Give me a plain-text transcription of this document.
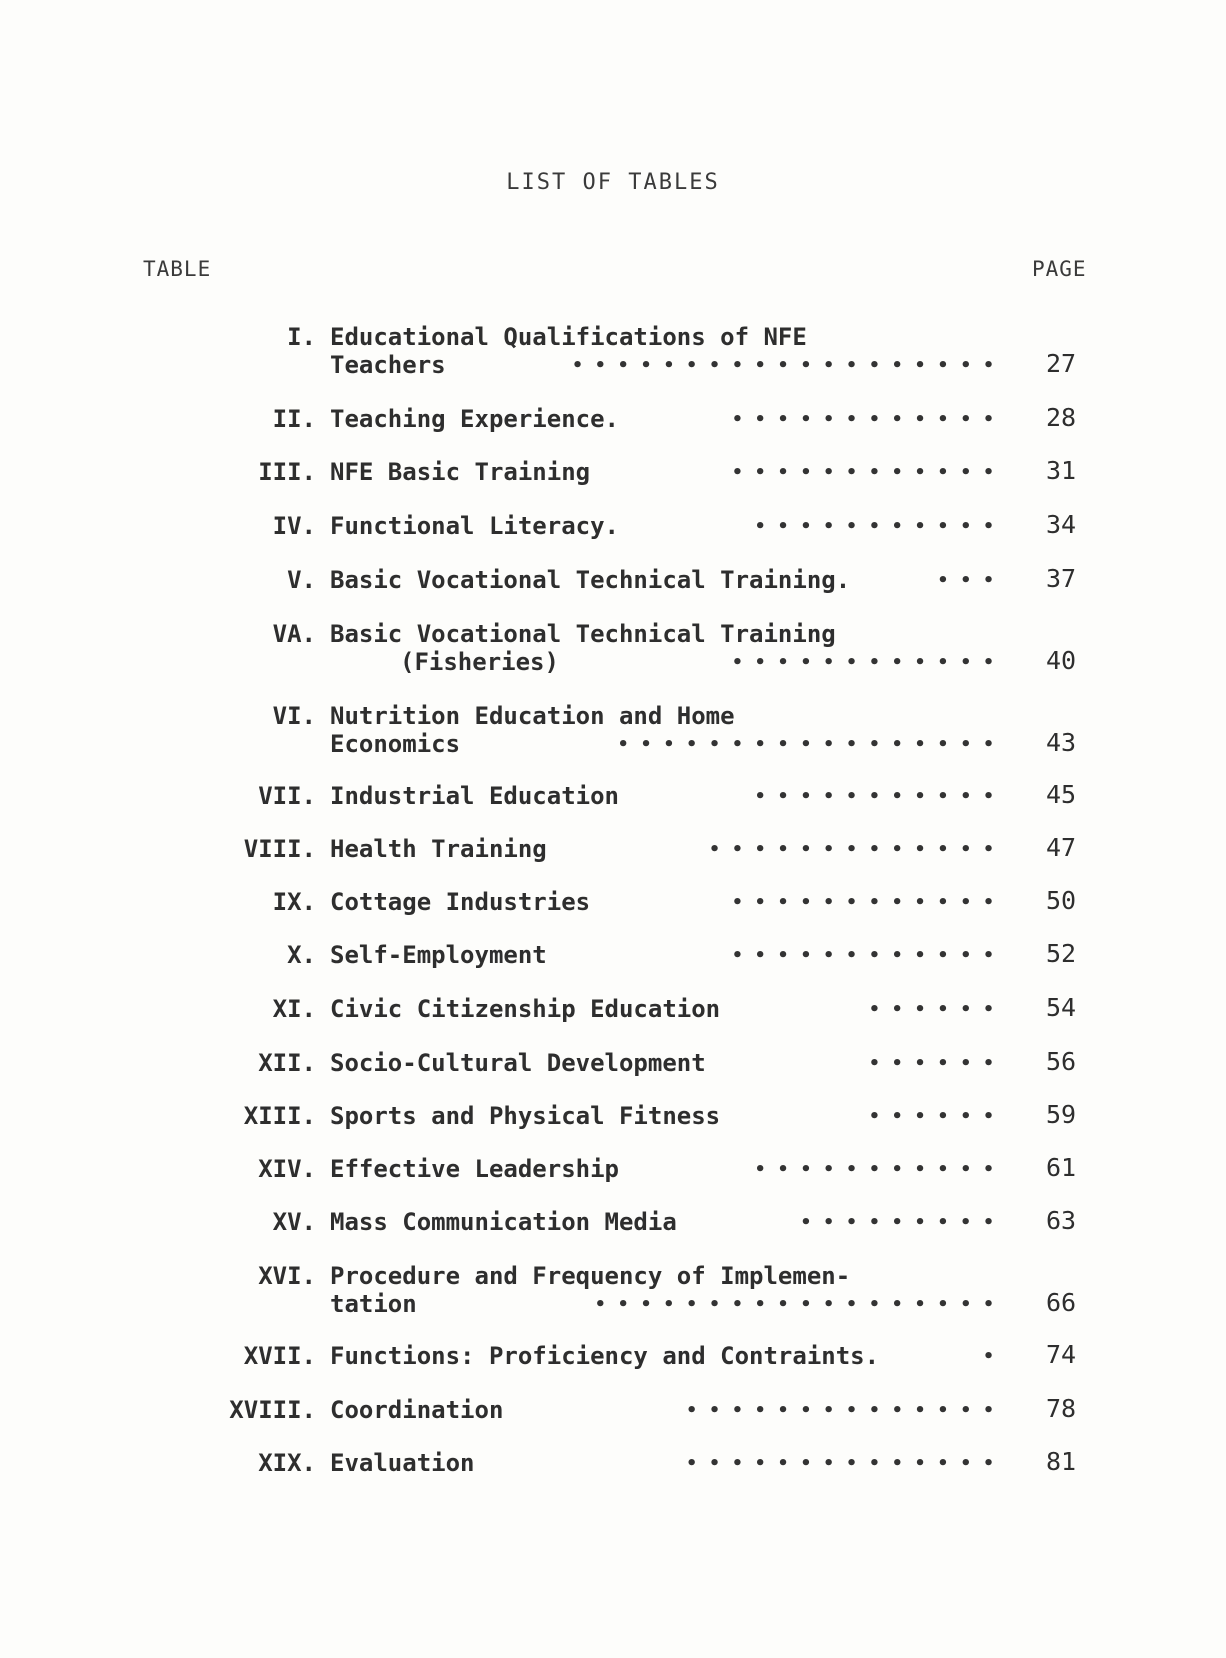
LIST OF TABLES
TABLE	PAGE
I. Educational Qualifications of NFE
Teachers	••••••••••••••••••• 27
II. Teaching Experience.	•••••••••••• 28
III. NFE Basic Training	•••••••••••• 31
IV. Functional Literacy.	••••••••••• 34
V. Basic Vocational Technical Training.	••• 37
VA. Basic Vocational Technical Training
(Fisheries)	•••••••••••• 40
VI. Nutrition Education and Home
Economics	••••••••••••••••• 43
VII. Industrial Education	••••••••••• 45
VIII. Health Training	••••••••••••• 47
IX. Cottage Industries	•••••••••••• 50
X. Self-Employment	•••••••••••• 52
XI. Civic Citizenship Education	•••••• 54
XII. Socio-Cultural Development	•••••• 56
XIII. Sports and Physical Fitness	•••••• 59
XIV. Effective Leadership	••••••••••• 61
XV. Mass Communication Media	••••••••• 63
XVI. Procedure and Frequency of Implemen-
tation	•••••••••••••••••• 66
XVII. Functions: Proficiency and Contraints.	• 74
XVIII. Coordination	•••••••••••••• 78
XIX. Evaluation	•••••••••••••• 81
